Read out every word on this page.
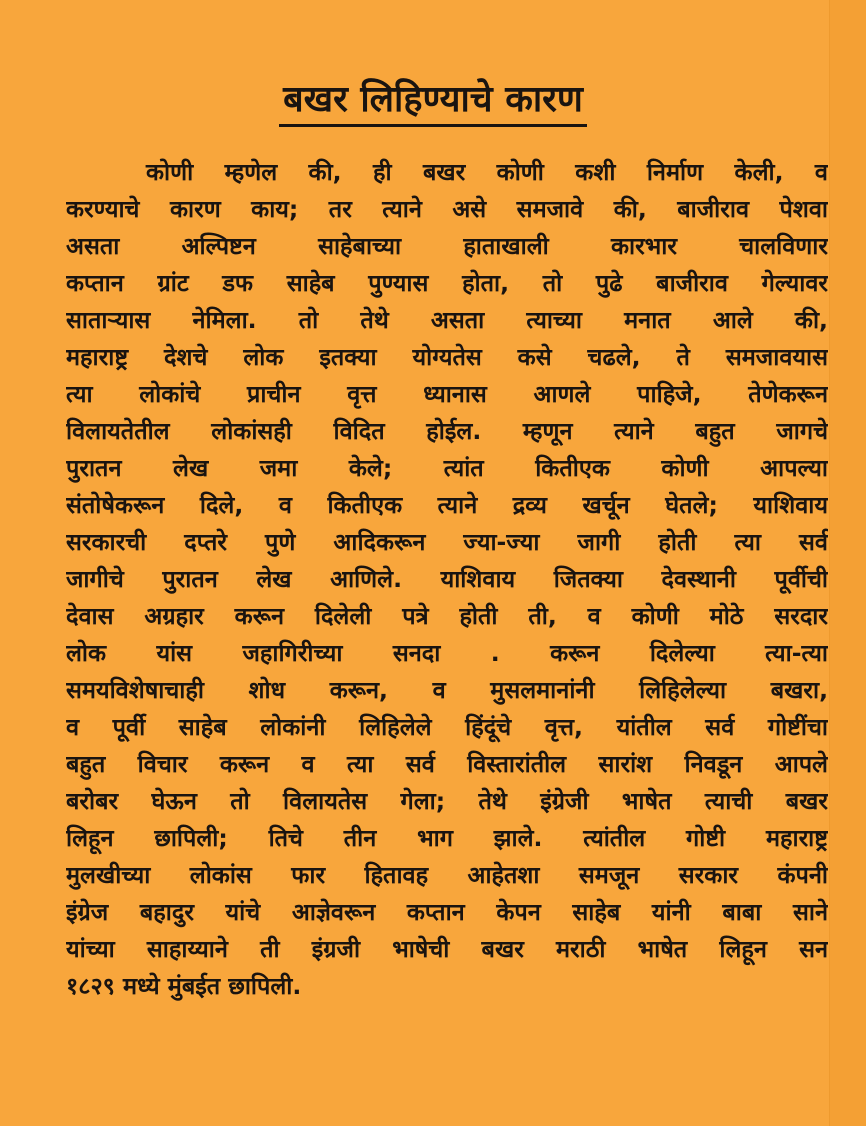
बखर लिहिण्याचे कारण
कोणी म्हणेल की, ही बखर कोणी कशी निर्माण केली, व
करण्याचे कारण काय; तर त्याने असे समजावे की, बाजीराव पेशवा
असता अल्पिष्टन साहेबाच्या हाताखाली कारभार चालविणार
कप्तान ग्रांट डफ साहेब पुण्यास होता, तो पुढे बाजीराव गेल्यावर
सातार्‍यास नेमिला. तो तेथे असता त्याच्या मनात आले की,
महाराष्ट्र देशचे लोक इतक्या योग्यतेस कसे चढले, ते समजावयास
त्या लोकांचे प्राचीन वृत्त ध्यानास आणले पाहिजे, तेणेकरून
विलायतेतील लोकांसही विदित होईल. म्हणून त्याने बहुत जागचे
पुरातन लेख जमा केले; त्यांत कितीएक कोणी आपल्या
संतोषेकरून दिले, व कितीएक त्याने द्रव्य खर्चून घेतले; याशिवाय
सरकारची दप्तरे पुणे आदिकरून ज्या-ज्या जागी होती त्या सर्व
जागीचे पुरातन लेख आणिले. याशिवाय जितक्या देवस्थानी पूर्वीची
देवास अग्रहार करून दिलेली पत्रे होती ती, व कोणी मोठे सरदार
लोक यांस जहागिरीच्या सनदा . करून दिलेल्या त्या-त्या
समयविशेषाचाही शोध करून, व मुसलमानांनी लिहिलेल्या बखरा,
व पूर्वी साहेब लोकांनी लिहिलेले हिंदूंचे वृत्त, यांतील सर्व गोष्टींचा
बहुत विचार करून व त्या सर्व विस्तारांतील सारांश निवडून आपले
बरोबर घेऊन तो विलायतेस गेला; तेथे इंग्रेजी भाषेत त्याची बखर
लिहून छापिली; तिचे तीन भाग झाले. त्यांतील गोष्टी महाराष्ट्र
मुलखीच्या लोकांस फार हितावह आहेतशा समजून सरकार कंपनी
इंग्रेज बहादुर यांचे आज्ञेवरून कप्तान केपन साहेब यांनी बाबा साने
यांच्या साहाय्याने ती इंग्रजी भाषेची बखर मराठी भाषेत लिहून सन
१८२९ मध्ये मुंबईत छापिली.
